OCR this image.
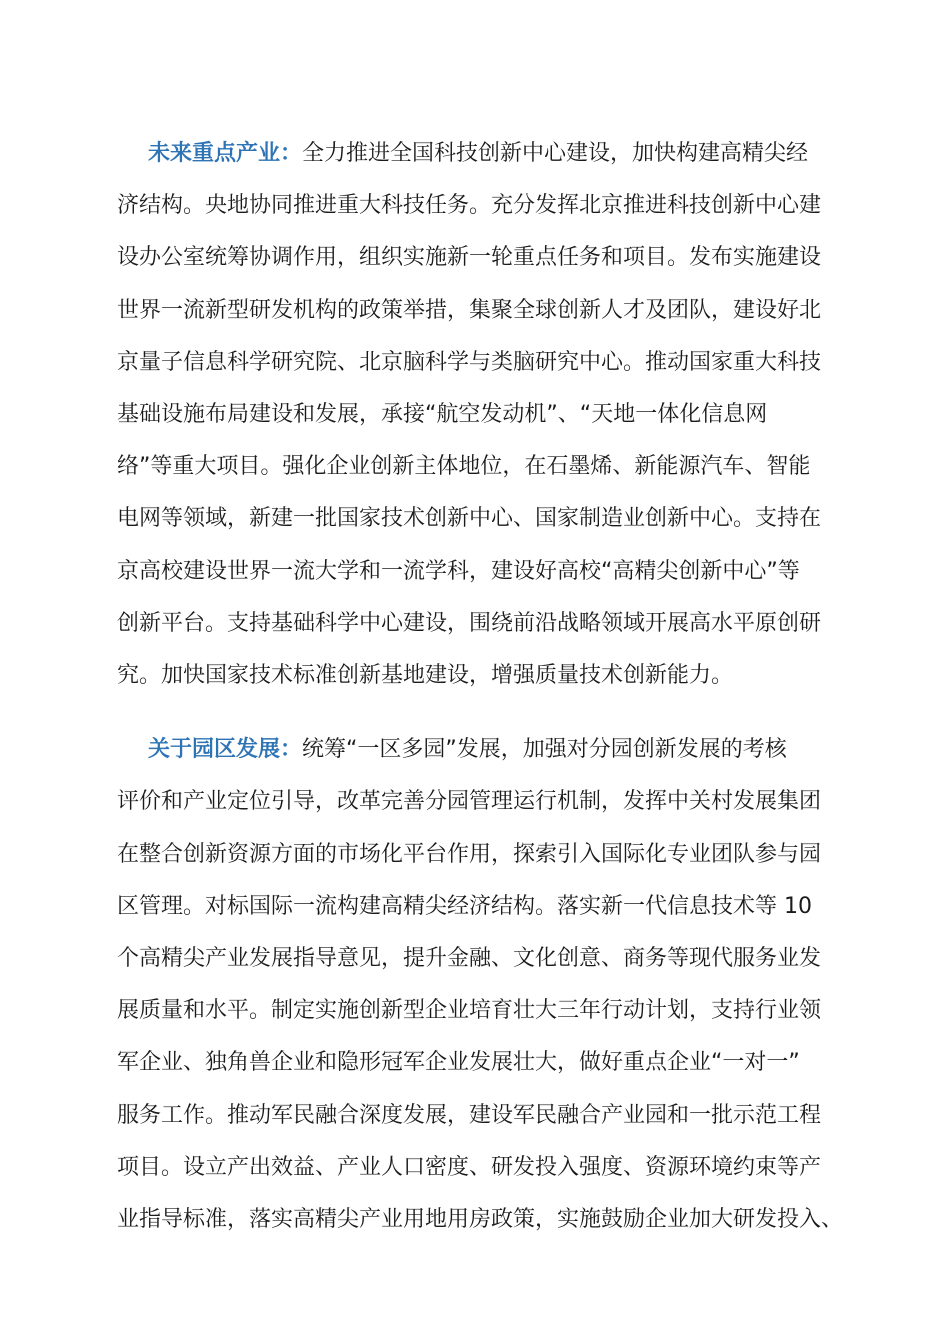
未来重点产业：全力推进全国科技创新中心建设，加快构建高精尖经
济结构。央地协同推进重大科技任务。充分发挥北京推进科技创新中心建
设办公室统筹协调作用，组织实施新一轮重点任务和项目。发布实施建设
世界一流新型研发机构的政策举措，集聚全球创新人才及团队，建设好北
京量子信息科学研究院、北京脑科学与类脑研究中心。推动国家重大科技
基础设施布局建设和发展，承接“航空发动机”、“天地一体化信息网
络”等重大项目。强化企业创新主体地位，在石墨烯、新能源汽车、智能
电网等领域，新建一批国家技术创新中心、国家制造业创新中心。支持在
京高校建设世界一流大学和一流学科，建设好高校“高精尖创新中心”等
创新平台。支持基础科学中心建设，围绕前沿战略领域开展高水平原创研
究。加快国家技术标准创新基地建设，增强质量技术创新能力。

关于园区发展：统筹“一区多园”发展，加强对分园创新发展的考核
评价和产业定位引导，改革完善分园管理运行机制，发挥中关村发展集团
在整合创新资源方面的市场化平台作用，探索引入国际化专业团队参与园
区管理。对标国际一流构建高精尖经济结构。落实新一代信息技术等 10
个高精尖产业发展指导意见，提升金融、文化创意、商务等现代服务业发
展质量和水平。制定实施创新型企业培育壮大三年行动计划，支持行业领
军企业、独角兽企业和隐形冠军企业发展壮大，做好重点企业“一对一”
服务工作。推动军民融合深度发展，建设军民融合产业园和一批示范工程
项目。设立产出效益、产业人口密度、研发投入强度、资源环境约束等产
业指导标准，落实高精尖产业用地用房政策，实施鼓励企业加大研发投入、
